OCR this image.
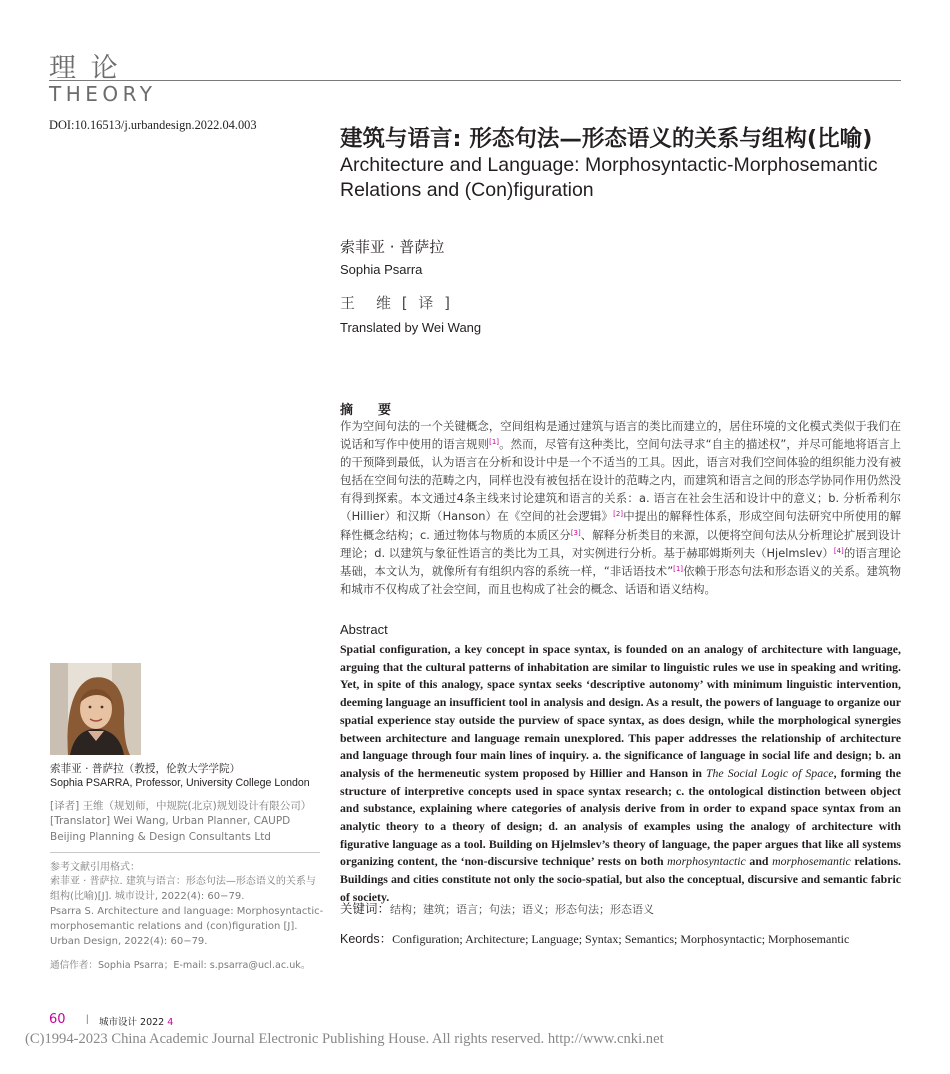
理 论
THEORY
DOI:10.16513/j.urbandesign.2022.04.003
建筑与语言: 形态句法—形态语义的关系与组构(比喻)
Architecture and Language: Morphosyntactic-Morphosemantic
Relations and (Con)figuration
索菲亚 · 普萨拉
Sophia Psarra
王　维 [ 译 ]
Translated by Wei Wang
摘　要
作为空间句法的一个关键概念，空间组构是通过建筑与语言的类比而建立的，居住环境的文化模式类似于我们在说话和写作中使用的语言规则[1]。然而，尽管有这种类比，空间句法寻求“自主的描述权”，并尽可能地将语言上的干预降到最低，认为语言在分析和设计中是一个不适当的工具。因此，语言对我们空间体验的组织能力没有被包括在空间句法的范畴之内，同样也没有被包括在设计的范畴之内，而建筑和语言之间的形态学协同作用仍然没有得到探索。本文通过4条主线来讨论建筑和语言的关系：a. 语言在社会生活和设计中的意义；b. 分析希利尔（Hillier）和汉斯（Hanson）在《空间的社会逻辑》[2]中提出的解释性体系，形成空间句法研究中所使用的解释性概念结构；c. 通过物体与物质的本质区分[3]、解释分析类目的来源，以便将空间句法从分析理论扩展到设计理论；d. 以建筑与象征性语言的类比为工具，对实例进行分析。基于赫耶姆斯列夫（Hjelmslev）[4]的语言理论基础，本文认为，就像所有有组织内容的系统一样，“非话语技术”[1]依赖于形态句法和形态语义的关系。建筑物和城市不仅构成了社会空间，而且也构成了社会的概念、话语和语义结构。
Abstract
Spatial configuration, a key concept in space syntax, is founded on an analogy of architecture with language, arguing that the cultural patterns of inhabitation are similar to linguistic rules we use in speaking and writing. Yet, in spite of this analogy, space syntax seeks ‘descriptive autonomy’ with minimum linguistic intervention, deeming language an insufficient tool in analysis and design. As a result, the powers of language to organize our spatial experience stay outside the purview of space syntax, as does design, while the morphological synergies between architecture and language remain unexplored. This paper addresses the relationship of architecture and language through four main lines of inquiry. a. the significance of language in social life and design; b. an analysis of the hermeneutic system proposed by Hillier and Hanson in The Social Logic of Space, forming the structure of interpretive concepts used in space syntax research; c. the ontological distinction between object and substance, explaining where categories of analysis derive from in order to expand space syntax from an analytic theory to a theory of design; d. an analysis of examples using the analogy of architecture with figurative language as a tool. Building on Hjelmslev’s theory of language, the paper argues that like all systems organizing content, the ‘non-discursive technique’ rests on both morphosyntactic and morphosemantic relations. Buildings and cities constitute not only the socio-spatial, but also the conceptual, discursive and semantic fabric of society.
关键词：结构；建筑；语言；句法；语义；形态句法；形态语义
Keords：Configuration; Architecture; Language; Syntax; Semantics; Morphosyntactic; Morphosemantic
索菲亚 · 普萨拉（教授，伦敦大学学院）
Sophia PSARRA, Professor, University College London
[译者] 王维（规划师，中规院(北京)规划设计有限公司）
[Translator] Wei Wang, Urban Planner, CAUPD Beijing Planning & Design Consultants Ltd
参考文献引用格式：
索菲亚 · 普萨拉. 建筑与语言：形态句法—形态语义的关系与组构(比喻)[J]. 城市设计, 2022(4): 60−79.
Psarra S. Architecture and language: Morphosyntactic-morphosemantic relations and (con)figuration [J]. Urban Design, 2022(4): 60−79.
通信作者：Sophia Psarra；E-mail: s.psarra@ucl.ac.uk。
60 | 城市设计 2022 4
(C)1994-2023 China Academic Journal Electronic Publishing House. All rights reserved. http://www.cnki.net
